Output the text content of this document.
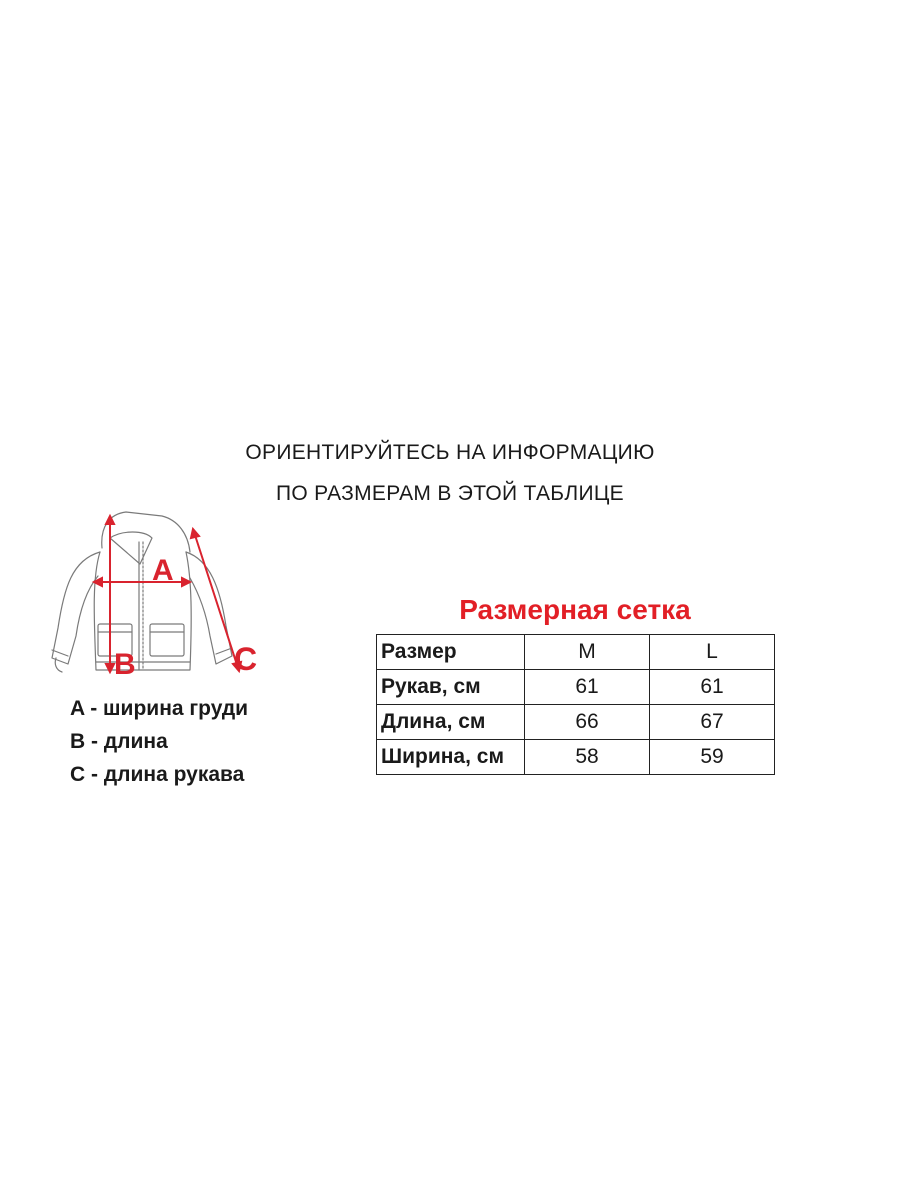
ОРИЕНТИРУЙТЕСЬ НА ИНФОРМАЦИЮ
ПО РАЗМЕРАМ В ЭТОЙ ТАБЛИЦЕ
A
B	C
A - ширина груди
B - длина
C - длина рукава
Размерная сетка
Размер	M	L
Рукав, см	61	61
Длина, см	66	67
Ширина, см	58	59
